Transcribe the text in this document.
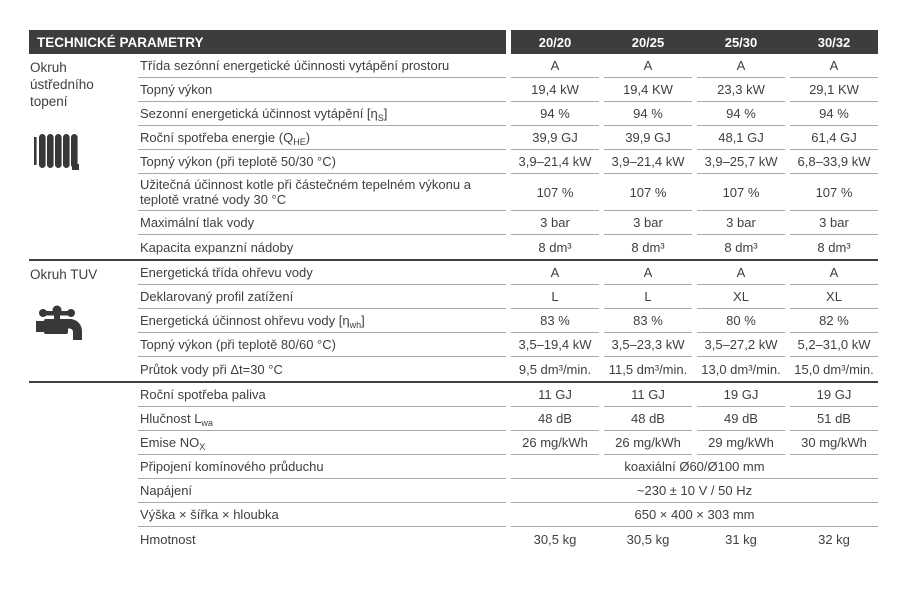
TECHNICKÉ PARAMETRY	20/20	20/25	25/30	30/32
Okruh ústředního topení
Třída sezónní energetické účinnosti vytápění prostoru	A	A	A	A
Topný výkon	19,4 kW	19,4 KW	23,3 kW	29,1 KW
Sezonní energetická účinnost vytápění [η S ]	94 %	94 %	94 %	94 %
Roční spotřeba energie (Q HE )	39,9 GJ	39,9 GJ	48,1 GJ	61,4 GJ
Topný výkon (při teplotě 50/30 °C)	3,9–21,4 kW	3,9–21,4 kW	3,9–25,7 kW	6,8–33,9 kW
Užitečná účinnost kotle při částečném tepelném výkonu a teplotě vratné vody 30 °C	107 %	107 %	107 %	107 %
Maximální tlak vody	3 bar	3 bar	3 bar	3 bar
Kapacita expanzní nádoby	8 dm³	8 dm³	8 dm³	8 dm³
Okruh TUV	Energetická třída ohřevu vody	A	A	A	A
Deklarovaný profil zatížení	L	L	XL	XL
Energetická účinnost ohřevu vody [η wh ]	83 %	83 %	80 %	82 %
Topný výkon (při teplotě 80/60 °C)	3,5–19,4 kW	3,5–23,3 kW	3,5–27,2 kW	5,2–31,0 kW
Průtok vody při Δt=30 °C	9,5 dm³/min.	11,5 dm³/min.	13,0 dm³/min.	15,0 dm³/min.
Roční spotřeba paliva	11 GJ	11 GJ	19 GJ	19 GJ
Hlučnost L wa	48 dB	48 dB	49 dB	51 dB
Emise NO X	26 mg/kWh	26 mg/kWh	29 mg/kWh	30 mg/kWh
Připojení komínového průduchu	koaxiální Ø60/Ø100 mm
Napájení	~230 ± 10 V / 50 Hz
Výška × šířka × hloubka	650 × 400 × 303 mm
Hmotnost	30,5 kg	30,5 kg	31 kg	32 kg
